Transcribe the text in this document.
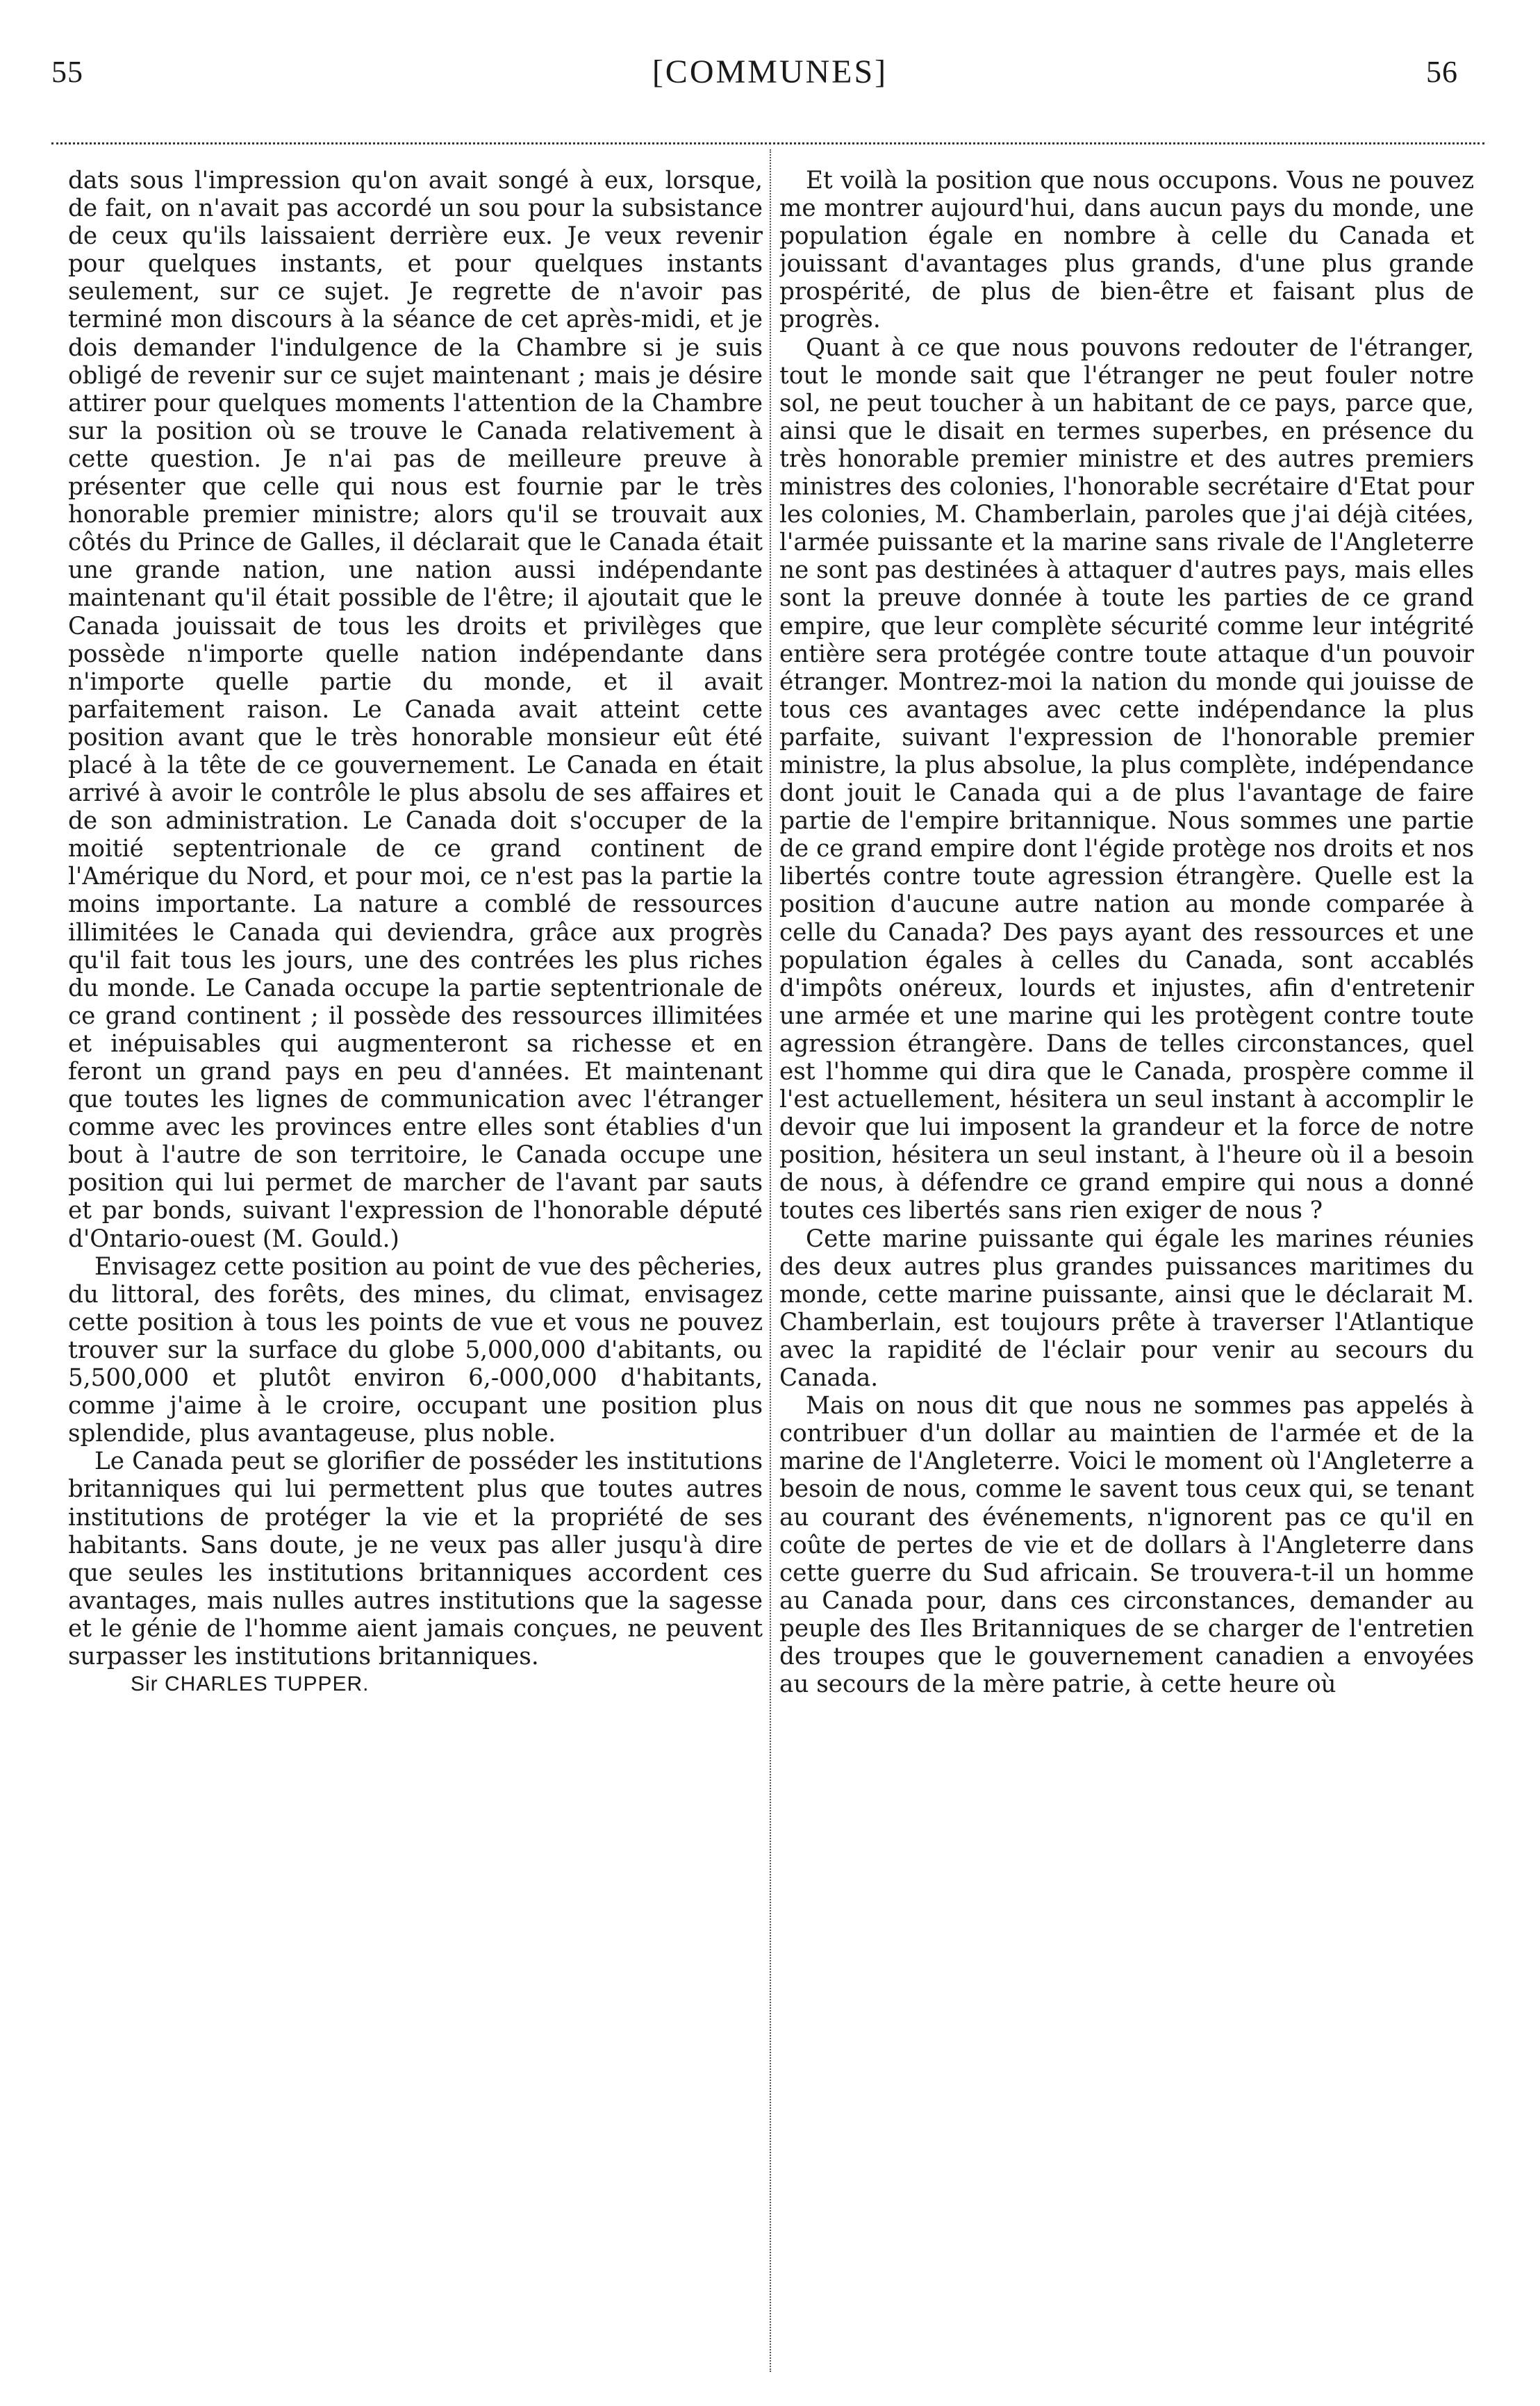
55	[COMMUNES]	56

dats sous l'impression qu'on avait songé à eux, lorsque, de fait, on n'avait pas accordé un sou pour la subsistance de ceux qu'ils laissaient derrière eux. Je veux revenir pour quelques instants, et pour quelques instants seulement, sur ce sujet. Je regrette de n'avoir pas terminé mon discours à la séance de cet après-midi, et je dois demander l'indulgence de la Chambre si je suis obligé de revenir sur ce sujet maintenant ; mais je désire attirer pour quelques moments l'attention de la Chambre sur la position où se trouve le Canada relativement à cette question. Je n'ai pas de meilleure preuve à présenter que celle qui nous est fournie par le très honorable premier ministre; alors qu'il se trouvait aux côtés du Prince de Galles, il déclarait que le Canada était une grande nation, une nation aussi indépendante maintenant qu'il était possible de l'être; il ajoutait que le Canada jouissait de tous les droits et privilèges que possède n'importe quelle nation indépendante dans n'importe quelle partie du monde, et il avait parfaitement raison. Le Canada avait atteint cette position avant que le très honorable monsieur eût été placé à la tête de ce gouvernement. Le Canada en était arrivé à avoir le contrôle le plus absolu de ses affaires et de son administration. Le Canada doit s'occuper de la moitié septentrionale de ce grand continent de l'Amérique du Nord, et pour moi, ce n'est pas la partie la moins importante. La nature a comblé de ressources illimitées le Canada qui deviendra, grâce aux progrès qu'il fait tous les jours, une des contrées les plus riches du monde. Le Canada occupe la partie septentrionale de ce grand continent ; il possède des ressources illimitées et inépuisables qui augmenteront sa richesse et en feront un grand pays en peu d'années. Et maintenant que toutes les lignes de communication avec l'étranger comme avec les provinces entre elles sont établies d'un bout à l'autre de son territoire, le Canada occupe une position qui lui permet de marcher de l'avant par sauts et par bonds, suivant l'expression de l'honorable député d'Ontario-ouest (M. Gould.)

Envisagez cette position au point de vue des pêcheries, du littoral, des forêts, des mines, du climat, envisagez cette position à tous les points de vue et vous ne pouvez trouver sur la surface du globe 5,000,000 d'abitants, ou 5,500,000 et plutôt environ 6,-000,000 d'habitants, comme j'aime à le croire, occupant une position plus splendide, plus avantageuse, plus noble.

Le Canada peut se glorifier de posséder les institutions britanniques qui lui permettent plus que toutes autres institutions de protéger la vie et la propriété de ses habitants. Sans doute, je ne veux pas aller jusqu'à dire que seules les institutions britanniques accordent ces avantages, mais nulles autres institutions que la sagesse et le génie de l'homme aient jamais conçues, ne peuvent surpasser les institutions britanniques.

Sir CHARLES TUPPER.

Et voilà la position que nous occupons. Vous ne pouvez me montrer aujourd'hui, dans aucun pays du monde, une population égale en nombre à celle du Canada et jouissant d'avantages plus grands, d'une plus grande prospérité, de plus de bien-être et faisant plus de progrès.

Quant à ce que nous pouvons redouter de l'étranger, tout le monde sait que l'étranger ne peut fouler notre sol, ne peut toucher à un habitant de ce pays, parce que, ainsi que le disait en termes superbes, en présence du très honorable premier ministre et des autres premiers ministres des colonies, l'honorable secrétaire d'Etat pour les colonies, M. Chamberlain, paroles que j'ai déjà citées, l'armée puissante et la marine sans rivale de l'Angleterre ne sont pas destinées à attaquer d'autres pays, mais elles sont la preuve donnée à toute les parties de ce grand empire, que leur complète sécurité comme leur intégrité entière sera protégée contre toute attaque d'un pouvoir étranger. Montrez-moi la nation du monde qui jouisse de tous ces avantages avec cette indépendance la plus parfaite, suivant l'expression de l'honorable premier ministre, la plus absolue, la plus complète, indépendance dont jouit le Canada qui a de plus l'avantage de faire partie de l'empire britannique. Nous sommes une partie de ce grand empire dont l'égide protège nos droits et nos libertés contre toute agression étrangère. Quelle est la position d'aucune autre nation au monde comparée à celle du Canada? Des pays ayant des ressources et une population égales à celles du Canada, sont accablés d'impôts onéreux, lourds et injustes, afin d'entretenir une armée et une marine qui les protègent contre toute agression étrangère. Dans de telles circonstances, quel est l'homme qui dira que le Canada, prospère comme il l'est actuellement, hésitera un seul instant à accomplir le devoir que lui imposent la grandeur et la force de notre position, hésitera un seul instant, à l'heure où il a besoin de nous, à défendre ce grand empire qui nous a donné toutes ces libertés sans rien exiger de nous ?

Cette marine puissante qui égale les marines réunies des deux autres plus grandes puissances maritimes du monde, cette marine puissante, ainsi que le déclarait M. Chamberlain, est toujours prête à traverser l'Atlantique avec la rapidité de l'éclair pour venir au secours du Canada.

Mais on nous dit que nous ne sommes pas appelés à contribuer d'un dollar au maintien de l'armée et de la marine de l'Angleterre. Voici le moment où l'Angleterre a besoin de nous, comme le savent tous ceux qui, se tenant au courant des événements, n'ignorent pas ce qu'il en coûte de pertes de vie et de dollars à l'Angleterre dans cette guerre du Sud africain. Se trouvera-t-il un homme au Canada pour, dans ces circonstances, demander au peuple des Iles Britanniques de se charger de l'entretien des troupes que le gouvernement canadien a envoyées au secours de la mère patrie, à cette heure où
